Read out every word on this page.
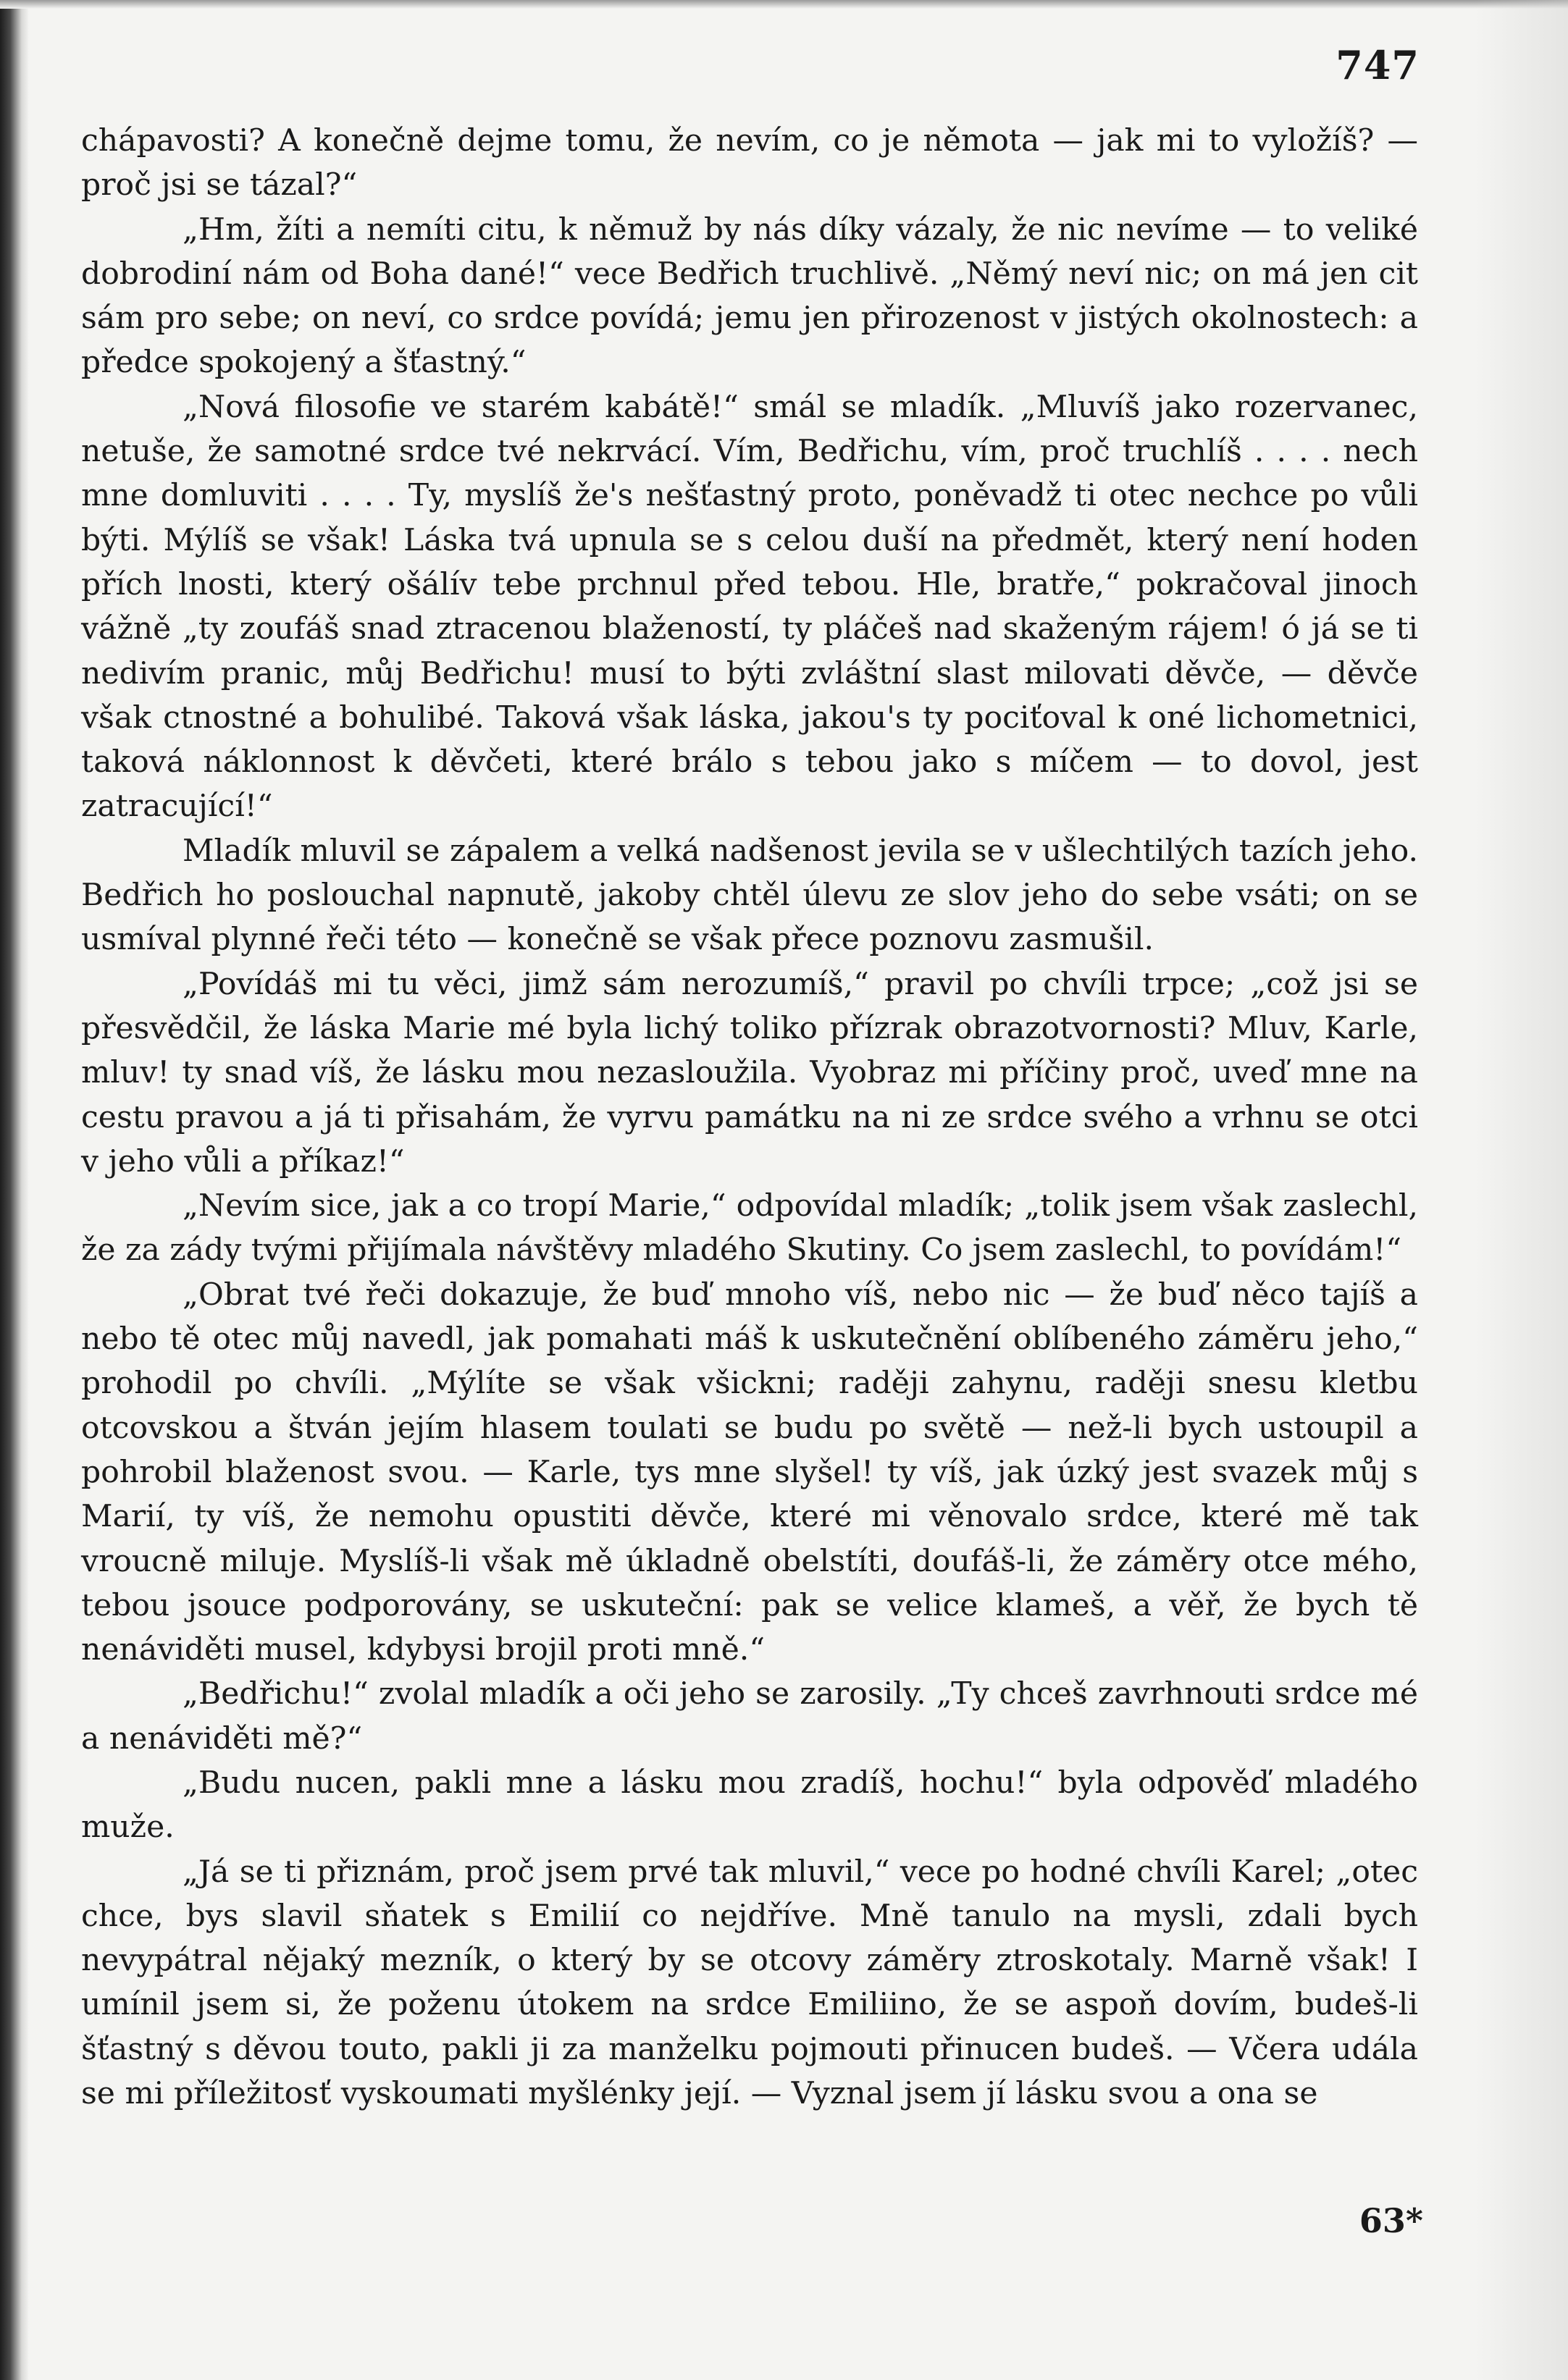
747

chápavosti? A konečně dejme tomu, že nevím, co je němota — jak mi to vyložíš? — proč jsi se tázal?“

„Hm, žíti a nemíti citu, k němuž by nás díky vázaly, že nic nevíme — to veliké dobrodiní nám od Boha dané!“ vece Bedřich truchlivě. „Němý neví nic; on má jen cit sám pro sebe; on neví, co srdce povídá; jemu jen přirozenost v jistých okolnostech: a předce spokojený a šťastný.“

„Nová filosofie ve starém kabátě!“ smál se mladík. „Mluvíš jako rozervanec, netuše, že samotné srdce tvé nekrvácí. Vím, Bedřichu, vím, proč truchlíš . . . . nech mne domluviti . . . . Ty, myslíš že's nešťastný proto, poněvadž ti otec nechce po vůli býti. Mýlíš se však! Láska tvá upnula se s celou duší na předmět, který není hoden přích lnosti, který ošálív tebe prchnul před tebou. Hle, bratře,“ pokračoval jinoch vážně „ty zoufáš snad ztracenou blažeností, ty pláčeš nad skaženým rájem! ó já se ti nedivím pranic, můj Bedřichu! musí to býti zvláštní slast milovati děvče, — děvče však ctnostné a bohulibé. Taková však láska, jakou's ty pociťoval k oné lichometnici, taková náklonnost k děvčeti, které brálo s tebou jako s míčem — to dovol, jest zatracující!“

Mladík mluvil se zápalem a velká nadšenost jevila se v ušlechtilých tazích jeho. Bedřich ho poslouchal napnutě, jakoby chtěl úlevu ze slov jeho do sebe vsáti; on se usmíval plynné řeči této — konečně se však přece poznovu zasmušil.

„Povídáš mi tu věci, jimž sám nerozumíš,“ pravil po chvíli trpce; „což jsi se přesvědčil, že láska Marie mé byla lichý toliko přízrak obrazotvornosti? Mluv, Karle, mluv! ty snad víš, že lásku mou nezasloužila. Vyobraz mi příčiny proč, uveď mne na cestu pravou a já ti přisahám, že vyrvu památku na ni ze srdce svého a vrhnu se otci v jeho vůli a příkaz!“

„Nevím sice, jak a co tropí Marie,“ odpovídal mladík; „tolik jsem však zaslechl, že za zády tvými přijímala návštěvy mladého Skutiny. Co jsem zaslechl, to povídám!“

„Obrat tvé řeči dokazuje, že buď mnoho víš, nebo nic — že buď něco tajíš a nebo tě otec můj navedl, jak pomahati máš k uskutečnění oblíbeného záměru jeho,“ prohodil po chvíli. „Mýlíte se však všickni; raději zahynu, raději snesu kletbu otcovskou a štván jejím hlasem toulati se budu po světě — než-li bych ustoupil a pohrobil blaženost svou. — Karle, tys mne slyšel! ty víš, jak úzký jest svazek můj s Marií, ty víš, že nemohu opustiti děvče, které mi věnovalo srdce, které mě tak vroucně miluje. Myslíš-li však mě úkladně obelstíti, doufáš-li, že záměry otce mého, tebou jsouce podporovány, se uskuteční: pak se velice klameš, a věř, že bych tě nenáviděti musel, kdybysi brojil proti mně.“

„Bedřichu!“ zvolal mladík a oči jeho se zarosily. „Ty chceš zavrhnouti srdce mé a nenáviděti mě?“

„Budu nucen, pakli mne a lásku mou zradíš, hochu!“ byla odpověď mladého muže.

„Já se ti přiznám, proč jsem prvé tak mluvil,“ vece po hodné chvíli Karel; „otec chce, bys slavil sňatek s Emilií co nejdříve. Mně tanulo na mysli, zdali bych nevypátral nějaký mezník, o který by se otcovy záměry ztroskotaly. Marně však! I umínil jsem si, že poženu útokem na srdce Emiliino, že se aspoň dovím, budeš-li šťastný s děvou touto, pakli ji za manželku pojmouti přinucen budeš. — Včera udála se mi příležitosť vyskoumati myšlénky její. — Vyznal jsem jí lásku svou a ona se

63*
